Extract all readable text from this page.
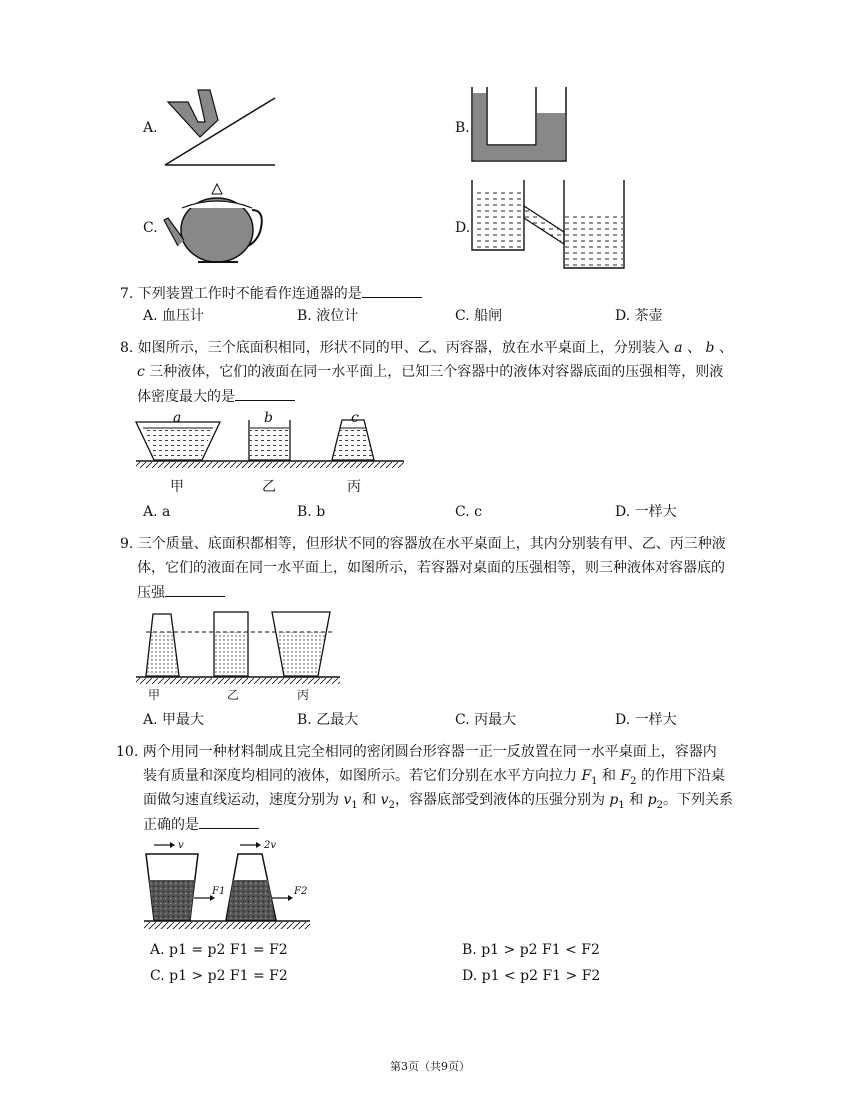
A.	B.
C.	D.
7. 下列装置工作时不能看作连通器的是
A. 血压计	B. 液位计	C. 船闸	D. 茶壶
8. 如图所示，三个底面积相同，形状不同的甲、乙、丙容器，放在水平桌面上，分别装入 a 、 b 、
c 三种液体，它们的液面在同一水平面上，已知三个容器中的液体对容器底面的压强相等，则液
体密度最大的是
a	b	c
甲	乙	丙
A. a	B. b	C. c	D. 一样大
9. 三个质量、底面积都相等，但形状不同的容器放在水平桌面上，其内分别装有甲、乙、丙三种液
体，它们的液面在同一水平面上，如图所示，若容器对桌面的压强相等，则三种液体对容器底的
压强
甲	乙	丙
A. 甲最大	B. 乙最大	C. 丙最大	D. 一样大
10. 两个用同一种材料制成且完全相同的密闭圆台形容器一正一反放置在同一水平桌面上，容器内
装有质量和深度均相同的液体，如图所示。若它们分别在水平方向拉力 $F_1$ 和 $F_2$ 的作用下沿桌
面做匀速直线运动，速度分别为 $v_1$ 和 $v_2$，容器底部受到液体的压强分别为 $p_1$ 和 $p_2$。下列关系
正确的是
v	2v
F1	F2
A. p1 = p2 F1 = F2	B. p1 > p2 F1 < F2
C. p1 > p2 F1 = F2	D. p1 < p2 F1 > F2
第3页（共9页）
